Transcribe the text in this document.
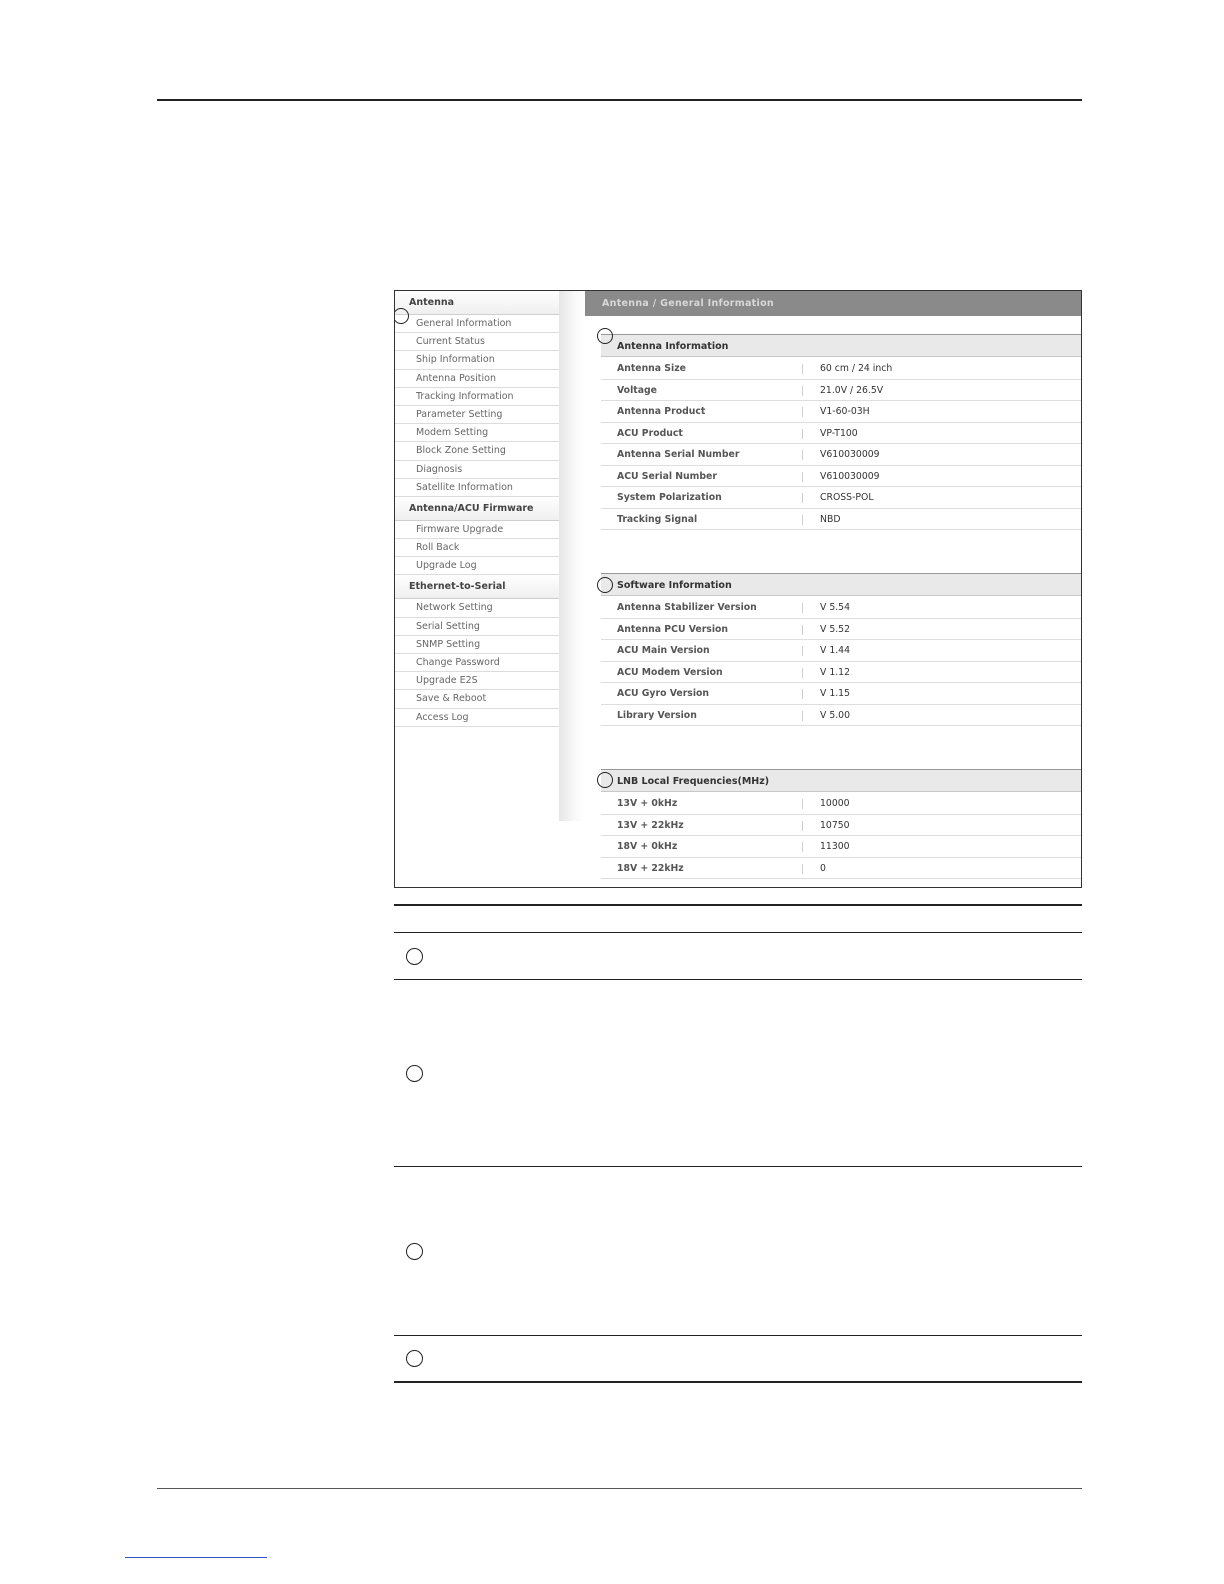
Antenna
General Information
Current Status
Ship Information
Antenna Position
Tracking Information
Parameter Setting
Modem Setting
Block Zone Setting
Diagnosis
Satellite Information
Antenna/ACU Firmware
Firmware Upgrade
Roll Back
Upgrade Log
Ethernet-to-Serial
Network Setting
Serial Setting
SNMP Setting
Change Password
Upgrade E2S
Save & Reboot
Access Log
Antenna / General Information
Antenna Information
Antenna Size	60 cm / 24 inch
Voltage	21.0V / 26.5V
Antenna Product	V1-60-03H
ACU Product	VP-T100
Antenna Serial Number	V610030009
ACU Serial Number	V610030009
System Polarization	CROSS-POL
Tracking Signal	NBD
Software Information
Antenna Stabilizer Version	V 5.54
Antenna PCU Version	V 5.52
ACU Main Version	V 1.44
ACU Modem Version	V 1.12
ACU Gyro Version	V 1.15
Library Version	V 5.00
LNB Local Frequencies(MHz)
13V + 0kHz	10000
13V + 22kHz	10750
18V + 0kHz	11300
18V + 22kHz	0
